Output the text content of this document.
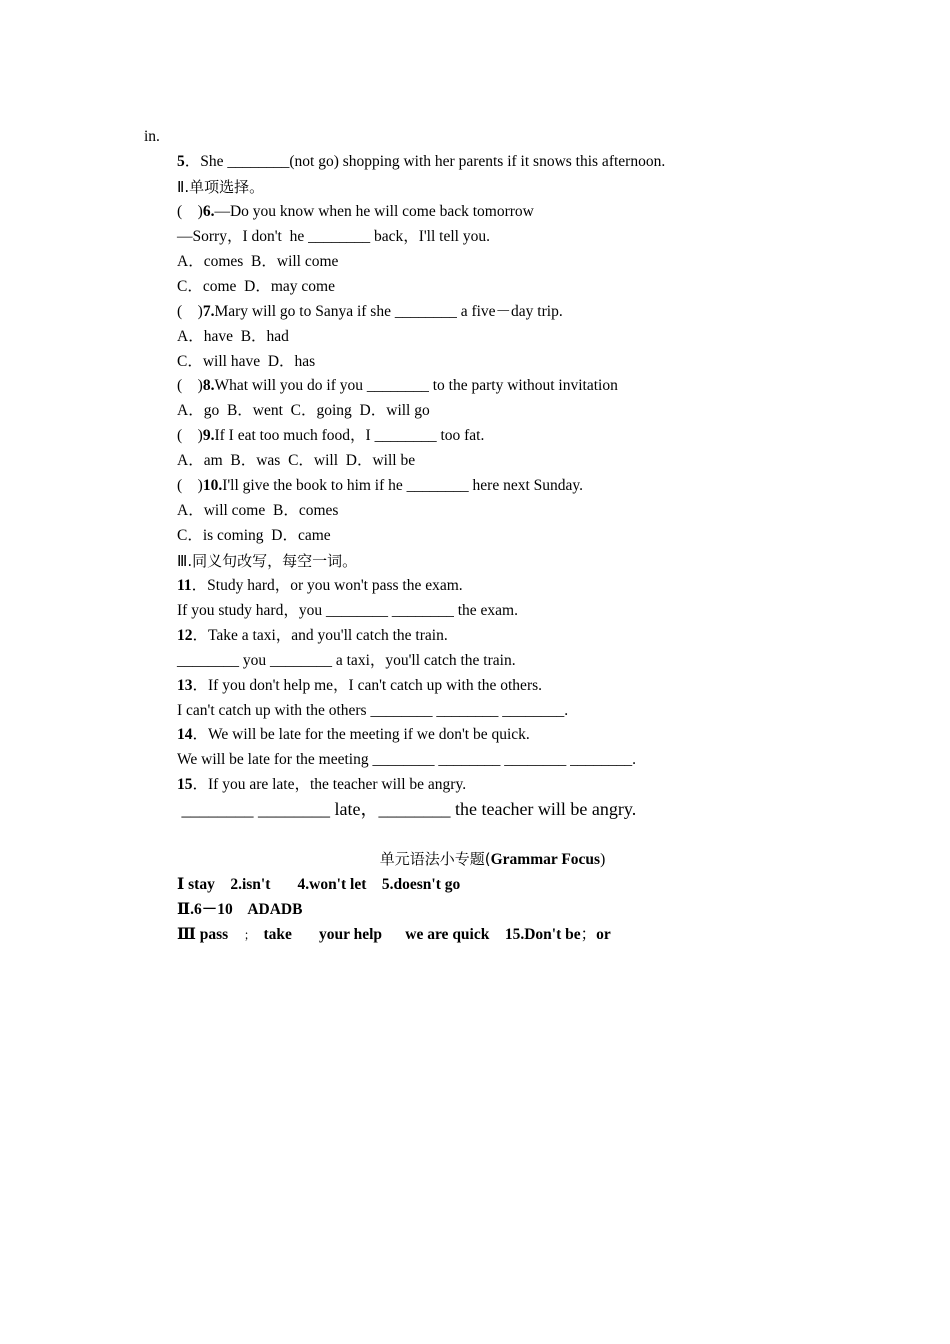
in.
5．She ________(not go) shopping with her parents if it snows this afternoon.
Ⅱ.单项选择。
(　)6.—Do you know when he will come back tomorrow
—Sorry，I don't  he ________ back，I'll tell you.
A．comes  B．will come
C．come  D．may come
(　)7.Mary will go to Sanya if she ________ a five－day trip.
A．have  B．had
C．will have  D．has
(　)8.What will you do if you ________ to the party without invitation
A．go  B．went  C．going  D．will go
(　)9.If I eat too much food，I ________ too fat.
A．am  B．was  C．will  D．will be
(　)10.I'll give the book to him if he ________ here next Sunday.
A．will come  B．comes
C．is coming  D．came
Ⅲ.同义句改写，每空一词。
11．Study hard，or you won't pass the exam.
If you study hard，you ________ ________ the exam.
12．Take a taxi，and you'll catch the train.
________ you ________ a taxi，you'll catch the train.
13．If you don't help me，I can't catch up with the others.
I can't catch up with the others ________ ________ ________.
14．We will be late for the meeting if we don't be quick.
We will be late for the meeting ________ ________ ________ ________.
15．If you are late，the teacher will be angry.
________ ________ late，________ the teacher will be angry.
单元语法小专题(Grammar Focus)
Ⅰ stay    2.isn't       4.won't let    5.doesn't go
Ⅱ.6－10    ADADB
Ⅲ pass    ；  take       your help      we are quick    15.Don't be；or
